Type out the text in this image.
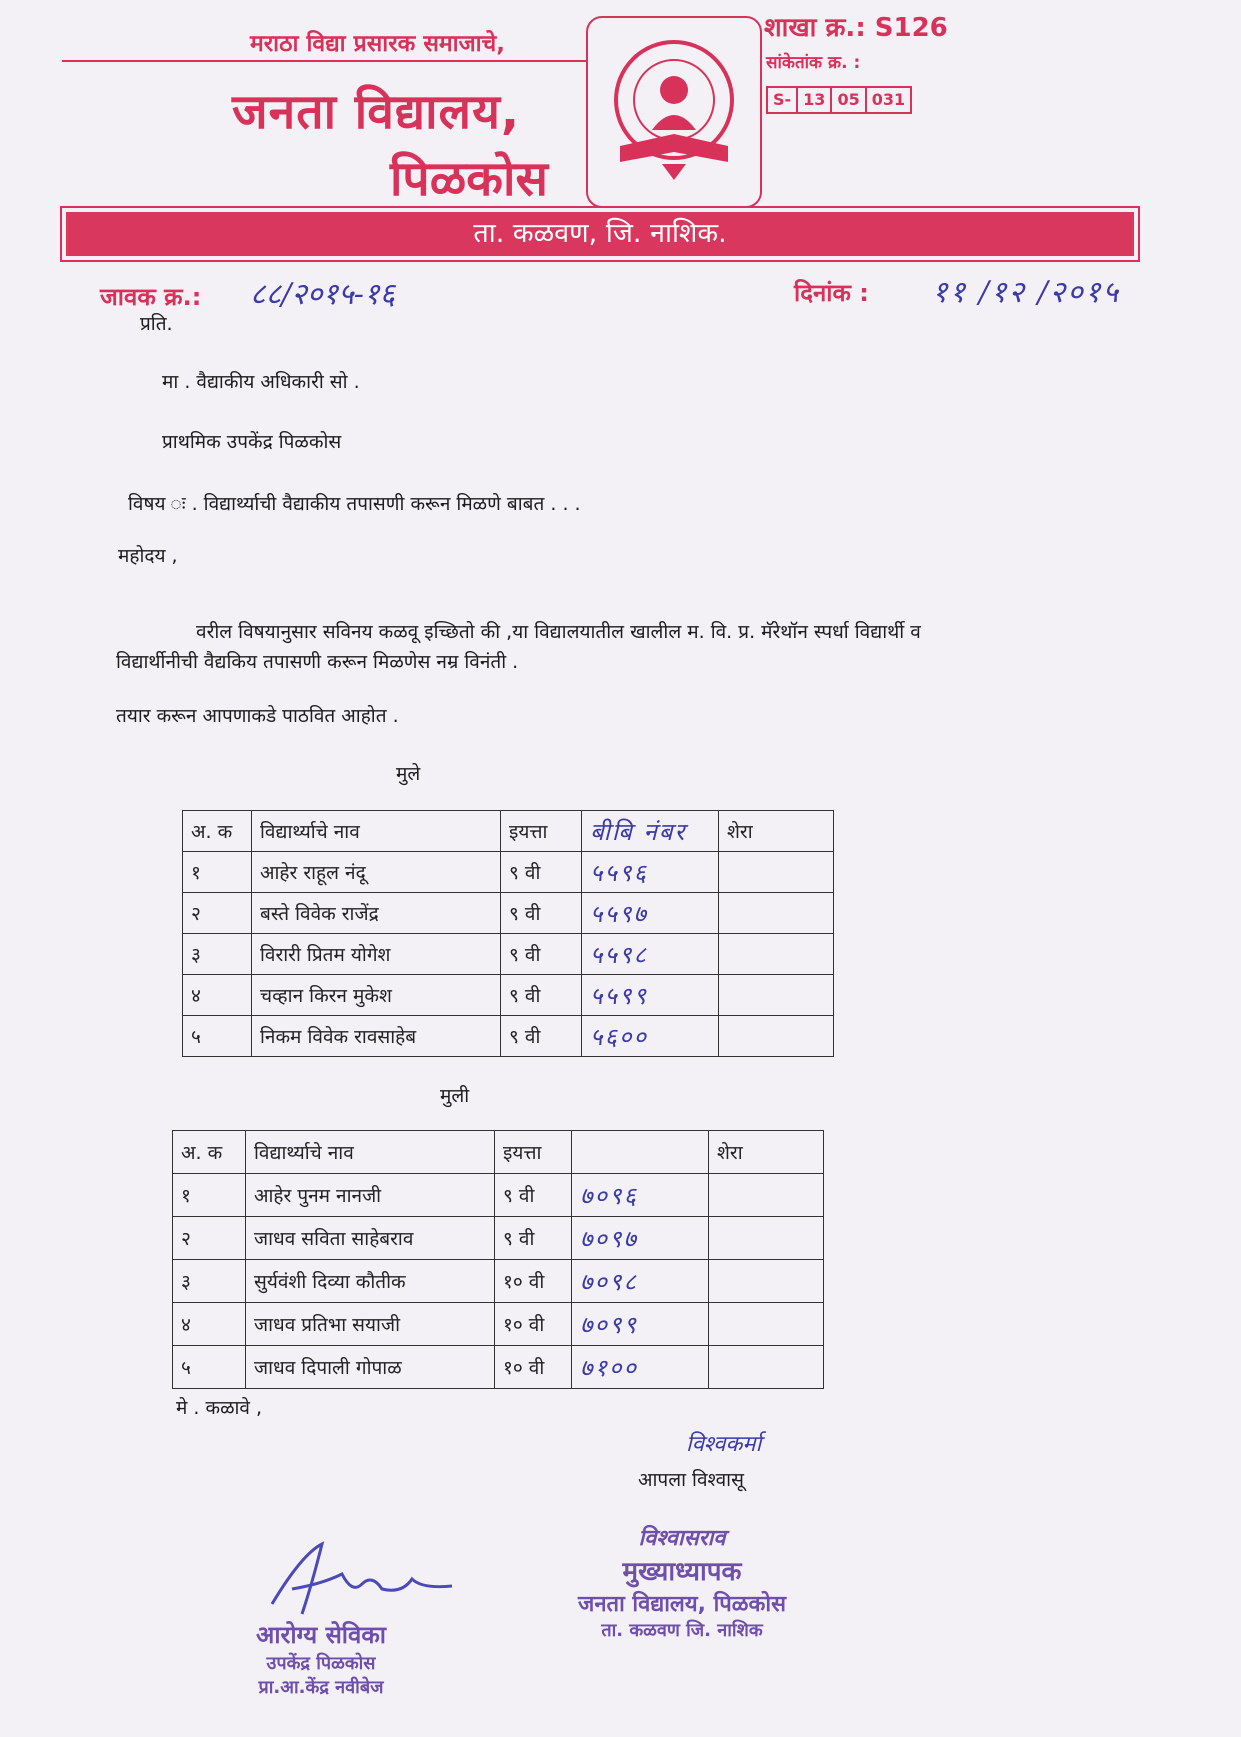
मराठा विद्या प्रसारक समाजाचे,
जनता विद्यालय,
पिळकोस
शाखा क्र.: S126
सांकेतांक क्र. :
S- 13 05 031
ता. कळवण, जि. नाशिक.
जावक क्र.: ८८/२०१५-१६	दिनांक : ११ /१२ /२०१५
प्रति.
मा . वैद्याकीय अधिकारी सो .
प्राथमिक उपकेंद्र पिळकोस
विषय ः . विद्यार्थ्याची वैद्याकीय तपासणी करून मिळणे बाबत . . .
महोदय ,
वरील विषयानुसार सविनय कळवू इच्छितो की ,या विद्यालयातील खालील म. वि. प्र. मॅरेथॉन स्पर्धा विद्यार्थी व
विद्यार्थीनीची वैद्यकिय तपासणी करून मिळणेस नम्र विनंती .
तयार करून आपणाकडे पाठवित आहोत .
मुले
अ. क	विद्यार्थ्याचे नाव	इयत्ता	बीबि नंबर	शेरा
१	आहेर राहूल नंदू	९ वी	५५९६	
२	बस्ते विवेक राजेंद्र	९ वी	५५९७	
३	विरारी प्रितम योगेश	९ वी	५५९८	
४	चव्हान किरन मुकेश	९ वी	५५९९	
५	निकम विवेक रावसाहेब	९ वी	५६००	
मुली
अ. क	विद्यार्थ्याचे नाव	इयत्ता		शेरा
१	आहेर पुनम नानजी	९ वी	७०९६	
२	जाधव सविता साहेबराव	९ वी	७०९७	
३	सुर्यवंशी दिव्या कौतीक	१० वी	७०९८	
४	जाधव प्रतिभा सयाजी	१० वी	७०९९	
५	जाधव दिपाली गोपाळ	१० वी	७१००	
मे . कळावे ,
विश्वकर्मा
आपला विश्वासू
आरोग्य सेविका
उपकेंद्र पिळकोस
प्रा.आ.केंद्र नवीबेज
विश्वासराव
मुख्याध्यापक
जनता विद्यालय, पिळकोस
ता. कळवण जि. नाशिक
